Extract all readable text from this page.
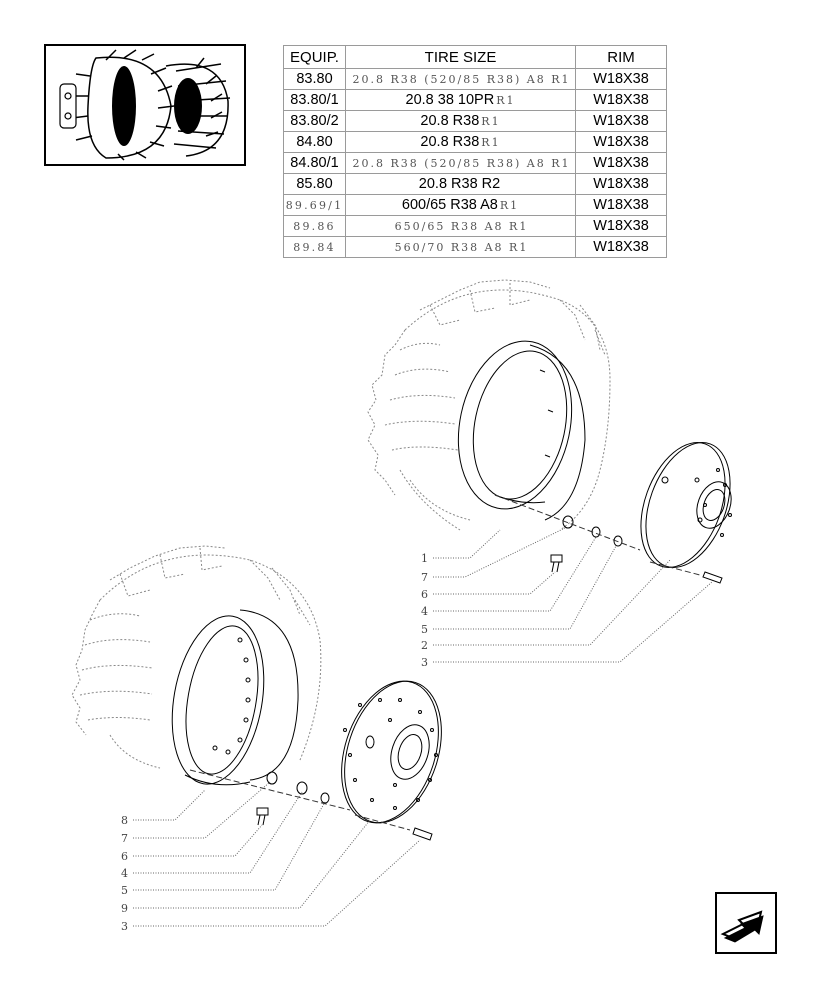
EQUIP.	TIRE SIZE	RIM
83.80	20.8 R38 (520/85 R38) A8 R1	W18X38
83.80/1	20.8 38 10PR R1	W18X38
83.80/2	20.8 R38 R1	W18X38
84.80	20.8 R38 R1	W18X38
84.80/1	20.8 R38 (520/85 R38) A8 R1	W18X38
85.80	20.8 R38 R2	W18X38
89.69/1	600/65 R38 A8 R1	W18X38
89.86	650/65 R38 A8 R1	W18X38
89.84	560/70 R38 A8 R1	W18X38
1
7
6
4
5
2
3
8
7
6
4
5
9
3
